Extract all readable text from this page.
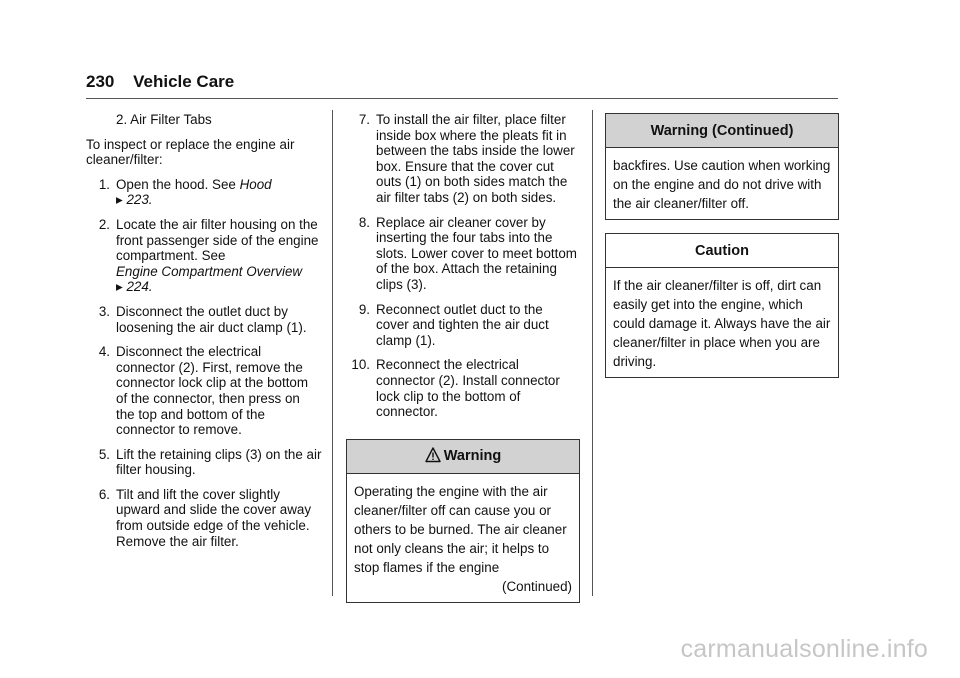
230 Vehicle Care

2. Air Filter Tabs

To inspect or replace the engine air cleaner/filter:

1. Open the hood. See Hood
▸ 223.
2. Locate the air filter housing on the front passenger side of the engine compartment. See
Engine Compartment Overview
▸ 224.
3. Disconnect the outlet duct by loosening the air duct clamp (1).
4. Disconnect the electrical connector (2). First, remove the connector lock clip at the bottom of the connector, then press on the top and bottom of the connector to remove.
5. Lift the retaining clips (3) on the air filter housing.
6. Tilt and lift the cover slightly upward and slide the cover away from outside edge of the vehicle. Remove the air filter.
7. To install the air filter, place filter inside box where the pleats fit in between the tabs inside the lower box. Ensure that the cover cut outs (1) on both sides match the air filter tabs (2) on both sides.
8. Replace air cleaner cover by inserting the four tabs into the slots. Lower cover to meet bottom of the box. Attach the retaining clips (3).
9. Reconnect outlet duct to the cover and tighten the air duct clamp (1).
10. Reconnect the electrical connector (2). Install connector lock clip to the bottom of connector.
Warning
Operating the engine with the air cleaner/filter off can cause you or others to be burned. The air cleaner not only cleans the air; it helps to stop flames if the engine
(Continued)
Warning (Continued)
backfires. Use caution when working on the engine and do not drive with the air cleaner/filter off.
Caution
If the air cleaner/filter is off, dirt can easily get into the engine, which could damage it. Always have the air cleaner/filter in place when you are driving.
carmanualsonline.info
